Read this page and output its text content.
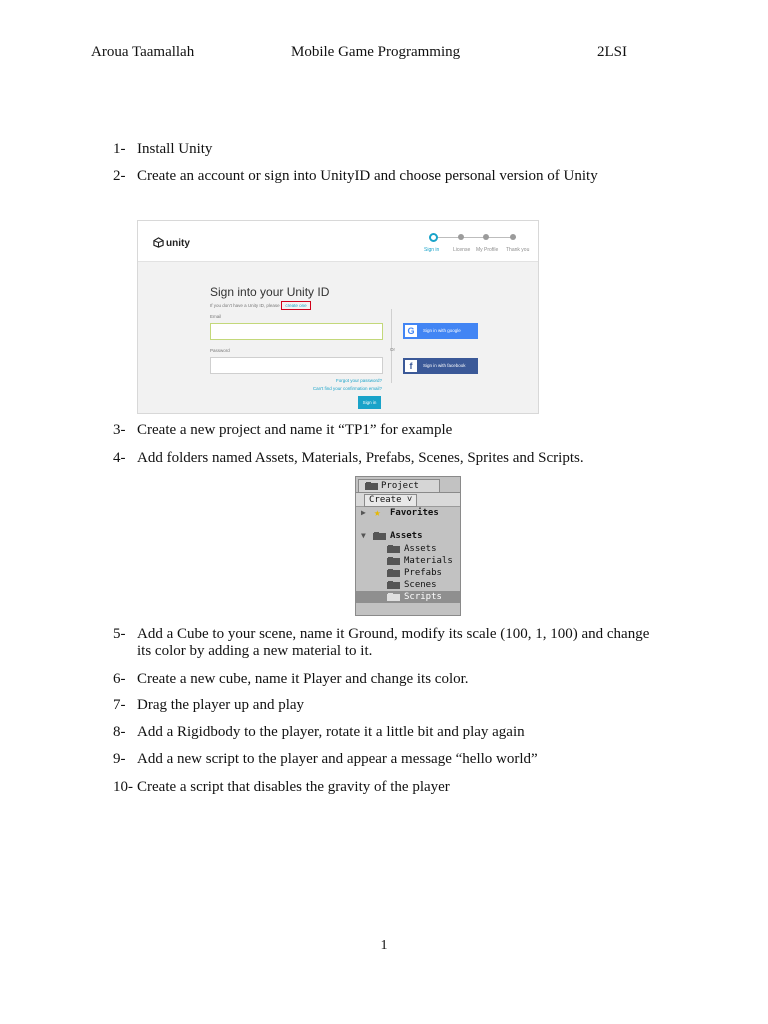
Aroua Taamallah	Mobile Game Programming	2LSI
1- Install Unity
2- Create an account or sign into UnityID and choose personal version of Unity
unity
Sign in	License My Profile Thank you
Sign into your Unity ID
If you don't have a Unity ID, please	create one
Email
Password	Or
G	Sign in with google
f	Sign in with facebook
Forgot your password?
Can't find your confirmation email?
Sign in
3- Create a new project and name it “TP1” for example
4- Add folders named Assets, Materials, Prefabs, Scenes, Sprites and Scripts.
Project
Create ˅
▶ ★ Favorites
▼	Assets
Assets
Materials
Prefabs
Scenes
Scripts
5- Add a Cube to your scene, name it Ground, modify its scale (100, 1, 100) and change
its color by adding a new material to it.
6- Create a new cube, name it Player and change its color.
7- Drag the player up and play
8- Add a Rigidbody to the player, rotate it a little bit and play again
9- Add a new script to the player and appear a message “hello world”
10- Create a script that disables the gravity of the player
1
